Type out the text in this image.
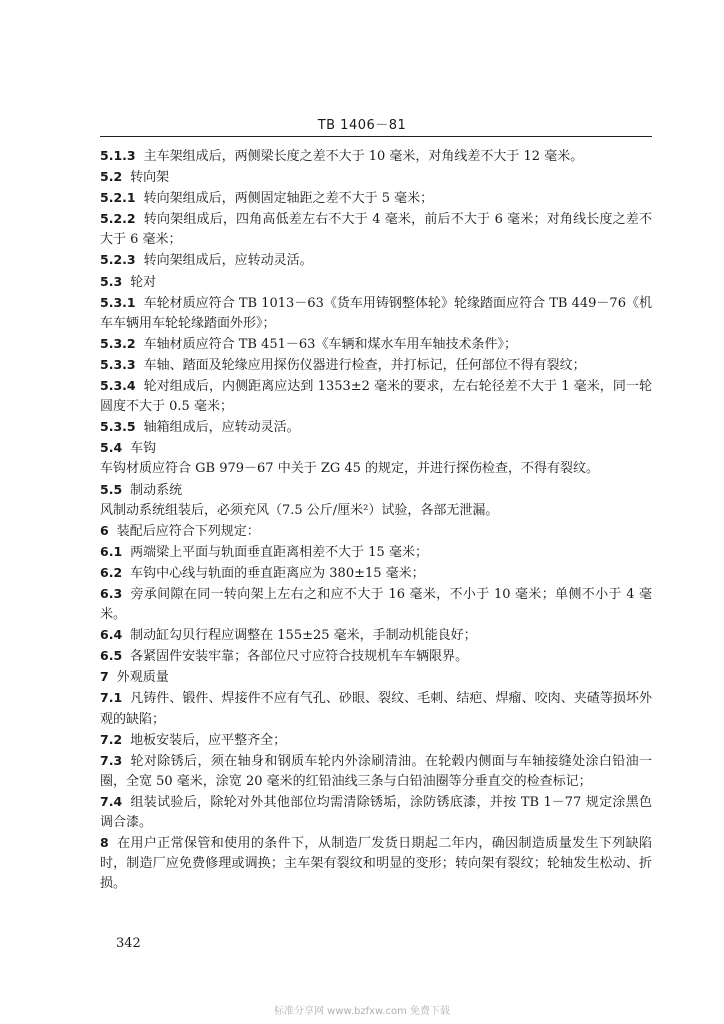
TB 1406－81

5.1.3 主车架组成后，两侧梁长度之差不大于 10 毫米，对角线差不大于 12 毫米。

5.2 转向架

5.2.1 转向架组成后，两侧固定轴距之差不大于 5 毫米；

5.2.2 转向架组成后，四角高低差左右不大于 4 毫米，前后不大于 6 毫米；对角线长度之差不大于 6 毫米；

5.2.3 转向架组成后，应转动灵活。

5.3 轮对

5.3.1 车轮材质应符合 TB 1013－63《货车用铸钢整体轮》轮缘踏面应符合 TB 449－76《机车车辆用车轮轮缘踏面外形》；

5.3.2 车轴材质应符合 TB 451－63《车辆和煤水车用车轴技术条件》；

5.3.3 车轴、踏面及轮缘应用探伤仪器进行检查，并打标记，任何部位不得有裂纹；

5.3.4 轮对组成后，内侧距离应达到 1353±2 毫米的要求，左右轮径差不大于 1 毫米，同一轮圆度不大于 0.5 毫米；

5.3.5 轴箱组成后，应转动灵活。

5.4 车钩

车钩材质应符合 GB 979－67 中关于 ZG 45 的规定，并进行探伤检查，不得有裂纹。

5.5 制动系统

风制动系统组装后，必须充风（7.5 公斤/厘米²）试验，各部无泄漏。

6 装配后应符合下列规定：

6.1 两端梁上平面与轨面垂直距离相差不大于 15 毫米；

6.2 车钩中心线与轨面的垂直距离应为 380±15 毫米；

6.3 旁承间隙在同一转向架上左右之和应不大于 16 毫米，不小于 10 毫米；单侧不小于 4 毫米。

6.4 制动缸勾贝行程应调整在 155±25 毫米，手制动机能良好；

6.5 各紧固件安装牢靠；各部位尺寸应符合技规机车车辆限界。

7 外观质量

7.1 凡铸件、锻件、焊接件不应有气孔、砂眼、裂纹、毛刺、结疤、焊瘤、咬肉、夹碴等损坏外观的缺陷；

7.2 地板安装后，应平整齐全；

7.3 轮对除锈后，须在轴身和钢质车轮内外涂刷清油。在轮毂内侧面与车轴接缝处涂白铅油一圈，全宽 50 毫米，涂宽 20 毫米的红铅油线三条与白铅油圈等分垂直交的检查标记；

7.4 组装试验后，除轮对外其他部位均需清除锈垢，涂防锈底漆，并按 TB 1－77 规定涂黑色调合漆。

8 在用户正常保管和使用的条件下，从制造厂发货日期起二年内，确因制造质量发生下列缺陷时，制造厂应免费修理或调换；主车架有裂纹和明显的变形；转向架有裂纹；轮轴发生松动、折损。

342
标准分享网 www.bzfxw.com 免费下载
